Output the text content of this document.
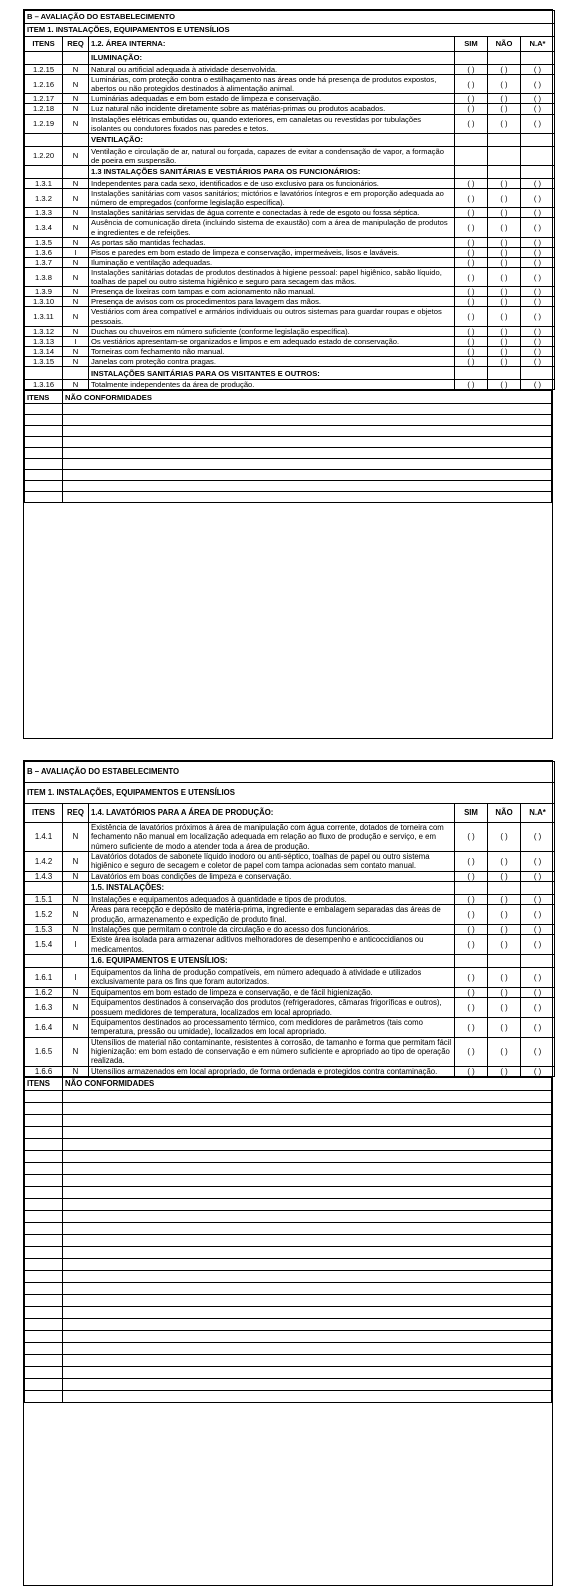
B – AVALIAÇÃO DO ESTABELECIMENTO					
ITEM 1. INSTALAÇÕES, EQUIPAMENTOS E UTENSÍLIOS					
ITENS	REQ	1.2. ÁREA INTERNA:	SIM	NÃO	N.A*
		ILUMINAÇÃO:			
1.2.15	N	Natural ou artificial adequada à atividade desenvolvida.	( )	( )	( )
1.2.16	N	Luminárias, com proteção contra o estilhaçamento nas áreas onde há presença de produtos expostos, abertos ou não protegidos destinados à alimentação animal.	( )	( )	( )
1.2.17	N	Luminárias adequadas e em bom estado de limpeza e conservação.	( )	( )	( )
1.2.18	N	Luz natural não incidente diretamente sobre as matérias-primas ou produtos acabados.	( )	( )	( )
1.2.19	N	Instalações elétricas embutidas ou, quando exteriores, em canaletas ou revestidas por tubulações isolantes ou condutores fixados nas paredes e tetos.	( )	( )	( )
		VENTILAÇÃO:			
1.2.20	N	Ventilação e circulação de ar, natural ou forçada, capazes de evitar a condensação de vapor, a formação de poeira em suspensão.			
		1.3 INSTALAÇÕES SANITÁRIAS E VESTIÁRIOS PARA OS FUNCIONÁRIOS:			
1.3.1	N	Independentes para cada sexo, identificados e de uso exclusivo para os funcionários.	( )	( )	( )
1.3.2	N	Instalações sanitárias com vasos sanitários; mictórios e lavatórios íntegros e em proporção adequada ao número de empregados (conforme legislação específica).	( )	( )	( )
1.3.3	N	Instalações sanitárias servidas de água corrente e conectadas à rede de esgoto ou fossa séptica.	( )	( )	( )
1.3.4	N	Ausência de comunicação direta (incluindo sistema de exaustão) com a área de manipulação de produtos e ingredientes e de refeições.	( )	( )	( )
1.3.5	N	As portas são mantidas fechadas.	( )	( )	( )
1.3.6	I	Pisos e paredes em bom estado de limpeza e conservação, impermeáveis, lisos e laváveis.	( )	( )	( )
1.3.7	N	Iluminação e ventilação adequadas.	( )	( )	( )
1.3.8	N	Instalações sanitárias dotadas de produtos destinados à higiene pessoal: papel higiênico, sabão líquido, toalhas de papel ou outro sistema higiênico e seguro para secagem das mãos.	( )	( )	( )
1.3.9	N	Presença de lixeiras com tampas e com acionamento não manual.	( )	( )	( )
1.3.10	N	Presença de avisos com os procedimentos para lavagem das mãos.	( )	( )	( )
1.3.11	N	Vestiários com área compatível e armários individuais ou outros sistemas para guardar roupas e objetos pessoais.	( )	( )	( )
1.3.12	N	Duchas ou chuveiros em número suficiente (conforme legislação específica).	( )	( )	( )
1.3.13	I	Os vestiários apresentam-se organizados e limpos e em adequado estado de conservação.	( )	( )	( )
1.3.14	N	Torneiras com fechamento não manual.	( )	( )	( )
1.3.15	N	Janelas com proteção contra pragas.	( )	( )	( )
		INSTALAÇÕES SANITÁRIAS PARA OS VISITANTES E OUTROS:			
1.3.16	N	Totalmente independentes da área de produção.	( )	( )	( )
ITENS	NÃO CONFORMIDADES

B – AVALIAÇÃO DO ESTABELECIMENTO					
ITEM 1. INSTALAÇÕES, EQUIPAMENTOS E UTENSÍLIOS					
ITENS	REQ	1.4. LAVATÓRIOS PARA A ÁREA DE PRODUÇÃO:	SIM	NÃO	N.A*
1.4.1	N	Existência de lavatórios próximos à área de manipulação com água corrente, dotados de torneira com fechamento não manual em localização adequada em relação ao fluxo de produção e serviço, e em número suficiente de modo a atender toda a área de produção.	( )	( )	( )
1.4.2	N	Lavatórios dotados de sabonete líquido inodoro ou anti-séptico, toalhas de papel ou outro sistema higiênico e seguro de secagem e coletor de papel com tampa acionadas sem contato manual.	( )	( )	( )
1.4.3	N	Lavatórios em boas condições de limpeza e conservação.	( )	( )	( )
		1.5. INSTALAÇÕES:			
1.5.1	N	Instalações e equipamentos adequados à quantidade e tipos de produtos.	( )	( )	( )
1.5.2	N	Áreas para recepção e depósito de matéria-prima, ingrediente e embalagem separadas das áreas de produção, armazenamento e expedição de produto final.	( )	( )	( )
1.5.3	N	Instalações que permitam o controle da circulação e do acesso dos funcionários.	( )	( )	( )
1.5.4	I	Existe área isolada para armazenar aditivos melhoradores de desempenho e anticoccidianos ou medicamentos.	( )	( )	( )
		1.6. EQUIPAMENTOS E UTENSÍLIOS:			
1.6.1	I	Equipamentos da linha de produção compatíveis, em número adequado à atividade e utilizados exclusivamente para os fins que foram autorizados.	( )	( )	( )
1.6.2	N	Equipamentos em bom estado de limpeza e conservação, e de fácil higienização.	( )	( )	( )
1.6.3	N	Equipamentos destinados à conservação dos produtos (refrigeradores, câmaras frigoríficas e outros), possuem medidores de temperatura, localizados em local apropriado.	( )	( )	( )
1.6.4	N	Equipamentos destinados ao processamento térmico, com medidores de parâmetros (tais como temperatura, pressão ou umidade), localizados em local apropriado.	( )	( )	( )
1.6.5	N	Utensílios de material não contaminante, resistentes à corrosão, de tamanho e forma que permitam fácil higienização: em bom estado de conservação e em número suficiente e apropriado ao tipo de operação realizada.	( )	( )	( )
1.6.6	N	Utensílios armazenados em local apropriado, de forma ordenada e protegidos contra contaminação.	( )	( )	( )
ITENS	NÃO CONFORMIDADES
